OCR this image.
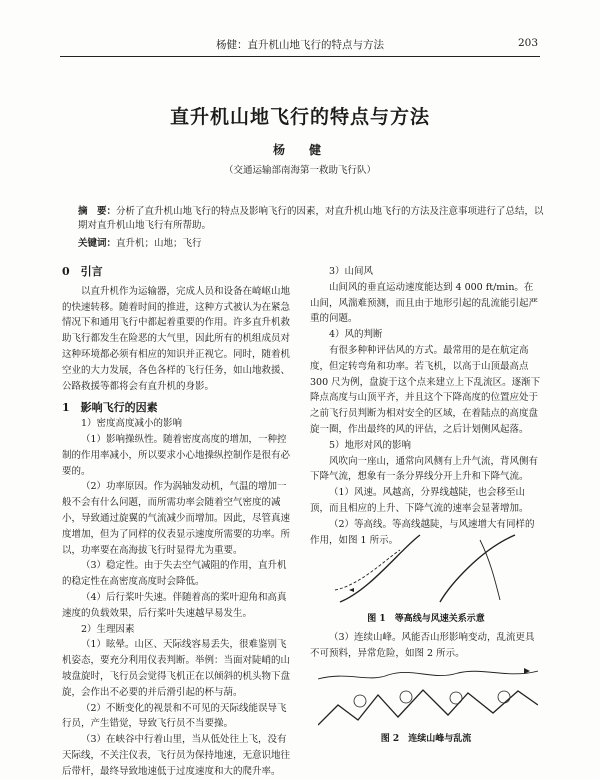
杨健：直升机山地飞行的特点与方法	203
直升机山地飞行的特点与方法
杨　健
（交通运输部南海第一救助飞行队）
摘　要：分析了直升机山地飞行的特点及影响飞行的因素，对直升机山地飞行的方法及注意事项进行了总结，以期对直升机山地飞行有所帮助。
关键词：直升机；山地；飞行
0　引言

以直升机作为运输器，完成人员和设备在崎岖山地的快速转移。随着时间的推进，这种方式被认为在紧急情况下和通用飞行中都起着重要的作用。许多直升机救助飞行都发生在险恶的大气里，因此所有的机组成员对这种环境都必须有相应的知识并正视它。同时，随着机空业的大力发展，各色各样的飞行任务，如山地救援、公路救援等都将会有直升机的身影。

1　影响飞行的因素

1）密度高度减小的影响

（1）影响操纵性。随着密度高度的增加，一种控制的作用率减小，所以要求小心地操纵控制作是很有必要的。

（2）功率原因。作为涡轴发动机，气温的增加一般不会有什么问题，而所需功率会随着空气密度的减小，导致通过旋翼的气流减少而增加。因此，尽管真速度增加，但为了同样的仪表显示速度所需要的功率。所以，功率要在高海拔飞行时显得尤为重要。

（3）稳定性。由于失去空气减阻的作用，直升机的稳定性在高密度高度时会降低。

（4）后行桨叶失速。伴随着高的桨叶迎角和高真速度的负载效果，后行桨叶失速越早易发生。

2）生理因素

（1）眩晕。山区、天际线容易丢失，很难鉴别飞机姿态，要充分利用仪表判断。举例：当面对陡峭的山坡盘旋时，飞行员会觉得飞机正在以倾斜的机头物下盘旋，会作出不必要的并后滑引起的杯与葫。

（2）不断变化的视景和不可见的天际线能误导飞行员，产生错觉，导致飞行员不当要操。

（3）在峡谷中行着山里，当从低处往上飞，没有天际线，不关注仪表，飞行员为保持地速，无意识地往后带杆，最终导致地速低于过度速度和大的爬升率。

3）山间风

山间风的垂直运动速度能达到 4 000 ft/min。在山间，风湍难预测，而且由于地形引起的乱流能引起严重的问题。

4）风的判断

有很多种种评估风的方式。最常用的是在航定高度，但定转弯角和功率。若飞机，以高于山顶最高点 300 尺为例，盘旋于这个点来建立上下乱流区。逐渐下降点高度与山顶平齐，并且这个下降高度的位置应处于之前飞行员判断为相对安全的区域，在着陆点的高度盘旋一圈，作出最终的风的评估，之后计划侧风起落。

5）地形对风的影响

风吹向一座山，通常向风侧有上升气流，背风侧有下降气流，想象有一条分界线分开上升和下降气流。

（1）风速。风越高，分界线越陡，也会移至山顶，而且相应的上升、下降气流的速率会显著增加。

（2）等高线。等高线越陡，与风速增大有同样的作用，如图 1 所示。

图 1　等高线与风速关系示意

（3）连续山峰。风能否山形影响变动，乱流更具不可预料，异常危险，如图 2 所示。

图 2　连续山峰与乱流
